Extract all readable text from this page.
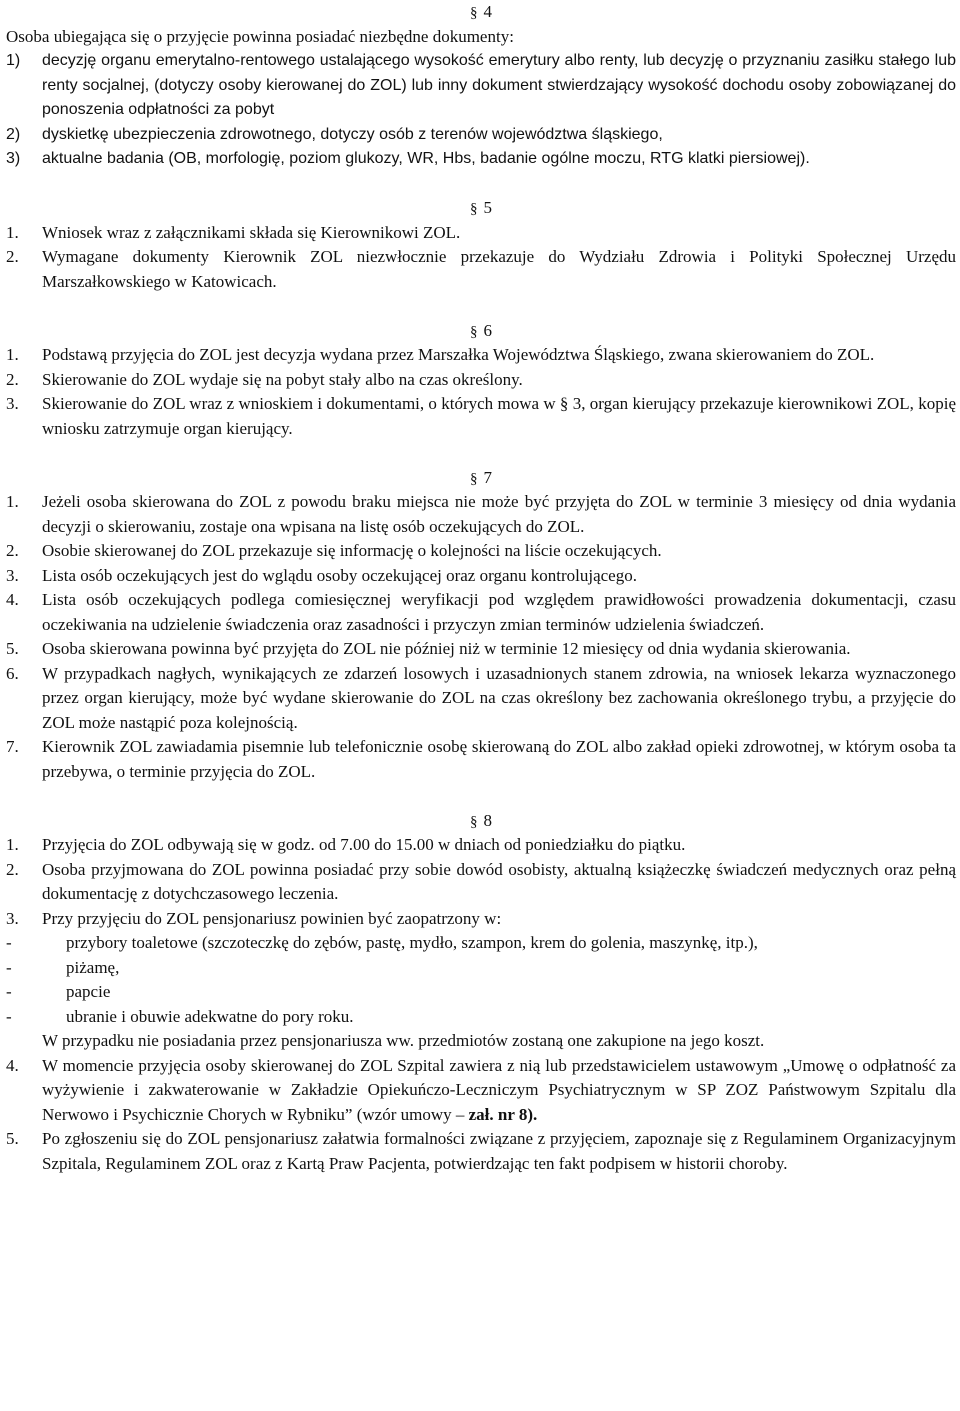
§ 4

Osoba ubiegająca się o przyjęcie powinna posiadać niezbędne dokumenty:

1)	decyzję organu emerytalno-rentowego ustalającego wysokość emerytury albo renty, lub decyzję o przyznaniu zasiłku stałego lub renty socjalnej, (dotyczy osoby kierowanej do ZOL) lub inny dokument stwierdzający wysokość dochodu osoby zobowiązanej do ponoszenia odpłatności za pobyt
2)	dyskietkę ubezpieczenia zdrowotnego, dotyczy osób z terenów województwa śląskiego,
3)	aktualne badania (OB, morfologię, poziom glukozy, WR, Hbs, badanie ogólne moczu, RTG klatki piersiowej).
§ 5
1.	Wniosek wraz z załącznikami składa się Kierownikowi ZOL.
2.	Wymagane dokumenty Kierownik ZOL niezwłocznie przekazuje do Wydziału Zdrowia i Polityki Społecznej Urzędu Marszałkowskiego w Katowicach.
§ 6
1.	Podstawą przyjęcia do ZOL jest decyzja wydana przez Marszałka Województwa Śląskiego, zwana skierowaniem do ZOL.
2.	Skierowanie do ZOL wydaje się na pobyt stały albo na czas określony.
3.	Skierowanie do ZOL wraz z wnioskiem i dokumentami, o których mowa w § 3, organ kierujący przekazuje kierownikowi ZOL, kopię wniosku zatrzymuje organ kierujący.
§ 7
1.	Jeżeli osoba skierowana do ZOL z powodu braku miejsca nie może być przyjęta do ZOL w terminie 3 miesięcy od dnia wydania decyzji o skierowaniu, zostaje ona wpisana na listę osób oczekujących do ZOL.
2.	Osobie skierowanej do ZOL przekazuje się informację o kolejności na liście oczekujących.
3.	Lista osób oczekujących jest do wglądu osoby oczekującej oraz organu kontrolującego.
4.	Lista osób oczekujących podlega comiesięcznej weryfikacji pod względem prawidłowości prowadzenia dokumentacji, czasu oczekiwania na udzielenie świadczenia oraz zasadności i przyczyn zmian terminów udzielenia świadczeń.
5.	Osoba skierowana powinna być przyjęta do ZOL nie później niż w terminie 12 miesięcy od dnia wydania skierowania.
6.	W przypadkach nagłych, wynikających ze zdarzeń losowych i uzasadnionych stanem zdrowia, na wniosek lekarza wyznaczonego przez organ kierujący, może być wydane skierowanie do ZOL na czas określony bez zachowania określonego trybu, a przyjęcie do ZOL może nastąpić poza kolejnością.
7.	Kierownik ZOL zawiadamia pisemnie lub telefonicznie osobę skierowaną do ZOL albo zakład opieki zdrowotnej, w którym osoba ta przebywa, o terminie przyjęcia do ZOL.
§ 8
1.	Przyjęcia do ZOL odbywają się w godz. od 7.00 do 15.00 w dniach od poniedziałku do piątku.
2.	Osoba przyjmowana do ZOL powinna posiadać przy sobie dowód osobisty, aktualną książeczkę świadczeń medycznych oraz pełną dokumentację z dotychczasowego leczenia.
3.	Przy przyjęciu do ZOL pensjonariusz powinien być zaopatrzony w:
-	przybory toaletowe (szczoteczkę do zębów, pastę, mydło, szampon, krem do golenia, maszynkę, itp.),
-	piżamę,
-	papcie
-	ubranie i obuwie adekwatne do pory roku.
W przypadku nie posiadania przez pensjonariusza ww. przedmiotów zostaną one zakupione na jego koszt.
4.	W momencie przyjęcia osoby skierowanej do ZOL Szpital zawiera z nią lub przedstawicielem ustawowym „Umowę o odpłatność za wyżywienie i zakwaterowanie w Zakładzie Opiekuńczo-Leczniczym Psychiatrycznym w SP ZOZ Państwowym Szpitalu dla Nerwowo i Psychicznie Chorych w Rybniku” (wzór umowy – zał. nr 8).
5.	Po zgłoszeniu się do ZOL pensjonariusz załatwia formalności związane z przyjęciem, zapoznaje się z Regulaminem Organizacyjnym Szpitala, Regulaminem ZOL oraz z Kartą Praw Pacjenta, potwierdzając ten fakt podpisem w historii choroby.
